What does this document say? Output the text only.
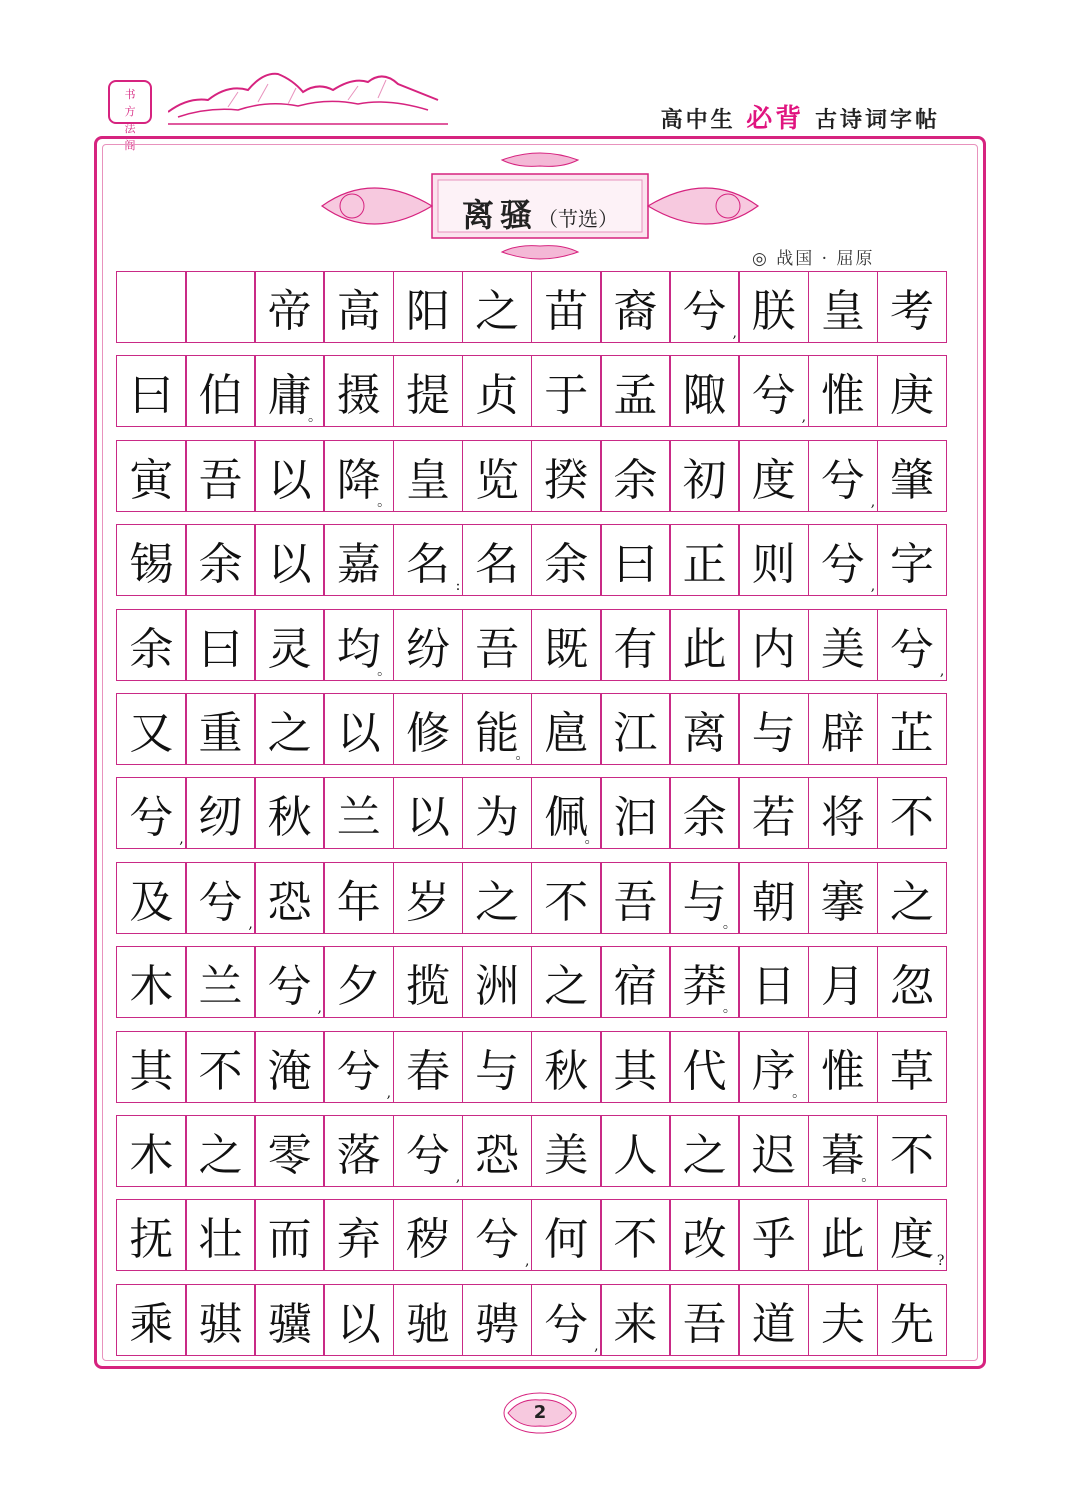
书
方
法
阁
高中生 必背 古诗词字帖
离骚（节选）
◎ 战国 · 屈原
帝 高 阳 之 苗 裔 兮 , 朕 皇 考
曰 伯 庸
。 摄 提 贞 于 孟 陬 兮 , 惟 庚
寅 吾 以 降
。 皇 览 揆 余 初 度 兮 , 肇
锡 余 以 嘉 名 : 名 余 曰 正 则 兮 , 字
余 曰 灵 均
。 纷 吾 既 有 此 内 美 兮 ,
又 重 之 以 修 能
。 扈 江 离 与 辟 芷
兮 , 纫 秋 兰 以 为 佩
。 汩 余 若 将 不
及 兮 , 恐 年 岁 之 不 吾 与
。 朝 搴 之
木 兰 兮 , 夕 揽 洲 之 宿 莽
。 日 月 忽
其 不 淹 兮 , 春 与 秋 其 代 序
。 惟 草
木 之 零 落 兮 , 恐 美 人 之 迟 暮
。 不
抚 壮 而 弃 秽 兮 , 何 不 改 乎 此 度 ?
乘 骐 骥 以 驰 骋 兮 , 来 吾 道 夫 先
2
